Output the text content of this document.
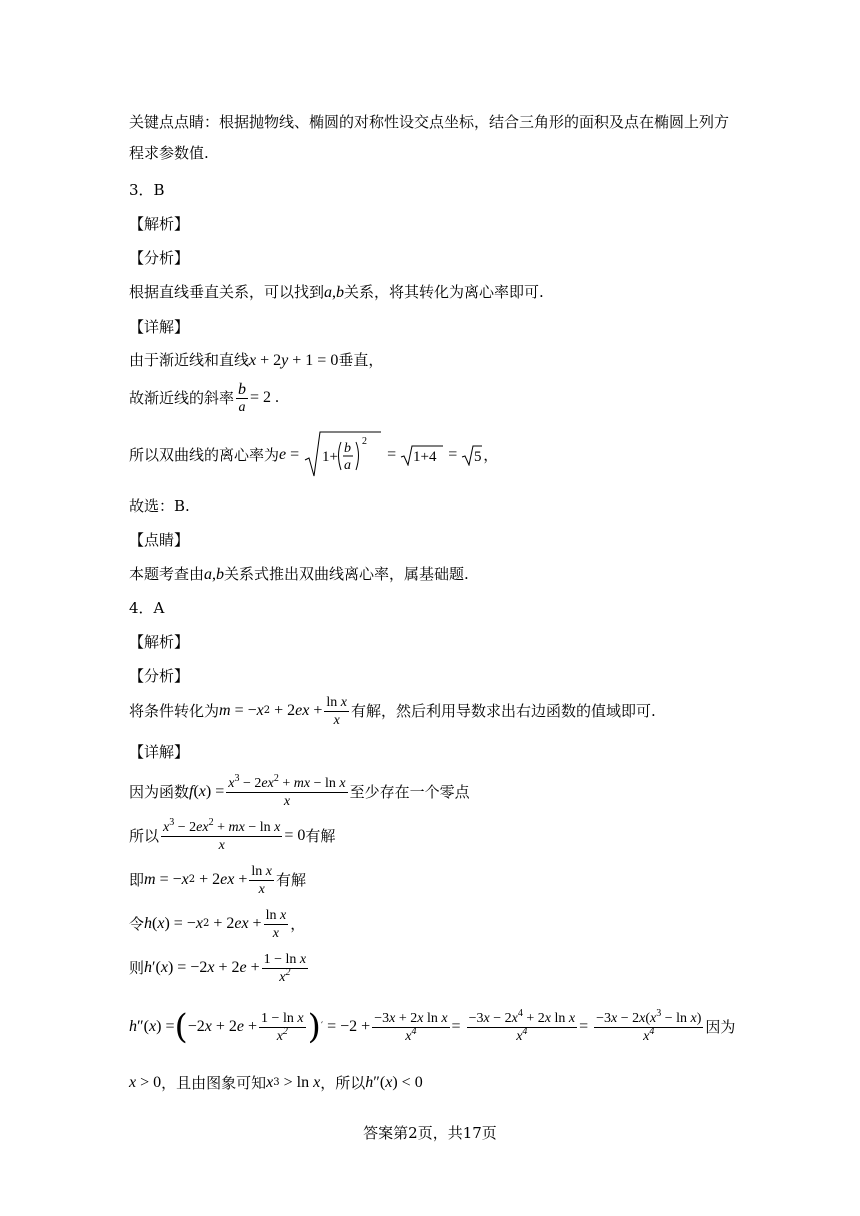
关键点点睛：根据抛物线、椭圆的对称性设交点坐标，结合三角形的面积及点在椭圆上列方
程求参数值.
3．B
【解析】
【分析】
根据直线垂直关系，可以找到a,b关系，将其转化为离心率即可.
【详解】
由于渐近线和直线x + 2y + 1 = 0垂直，
故渐近线的斜率 $\frac{b}{a} = 2$ .
所以双曲线的离心率为 e = 1+
b
a
2
= 1+4 = 5 ，
故选：B.
【点睛】
本题考查由a,b关系式推出双曲线离心率，属基础题.
4．A
【解析】
【分析】
将条件转化为 m = − x 2 + 2 ex + $\frac{\text{ln x}}{x}$ 有解，然后利用导数求出右边函数的值域即可.
【详解】
因为函数 f ( x ) = $\frac{x^3 - 2ex^2 + mx - \ln x}{x}$ 至少存在一个零点
所以 $\frac{x^3 - 2ex^2 + mx - \ln x}{x} = 0$ 有解
即 m = − x 2 + 2 ex + $\frac{\text{ln x}}{x}$ 有解
令 h ( x ) = − x 2 + 2 ex + $\frac{\text{ln x}}{x}$ ，
则 h ′( x ) = −2 x + 2 $e + \frac{\text{1 − ln x}}{x^2}$
h ″( x ) = ( −2 x + 2 $e + \frac{\text{1 − ln x}}{x^2}$ ) ′ = $-2 + \frac{\text{−3x + 2x ln x}}{x^4} = \frac{-3x - 2x^4 + 2x \ln x}{x^4} = \frac{-3x - 2x(x^3 - \ln x)}{x^4}$ 因为
x > 0 ，且由图象可知 x 3 > ln x ，所以 h ″( x ) < 0
答案第2页，共17页
